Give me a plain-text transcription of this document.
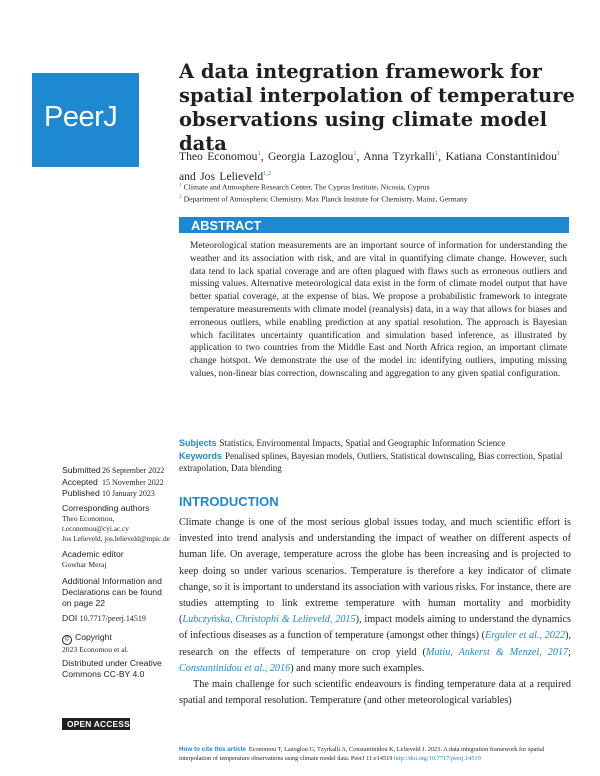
PeerJ
A data integration framework for spatial interpolation of temperature observations using climate model data
Theo Economou$^1$, Georgia Lazoglou$^1$, Anna Tzyrkalli$^1$, Katiana Constantinidou$^1$
and Jos Lelieveld$^{1,2}$
$^1$ Climate and Atmosphere Research Center, The Cyprus Institute, Nicosia, Cyprus
$^2$ Department of Atmospheric Chemistry, Max Planck Institute for Chemistry, Mainz, Germany
ABSTRACT
Meteorological station measurements are an important source of information for understanding the weather and its association with risk, and are vital in quantifying climate change. However, such data tend to lack spatial coverage and are often plagued with flaws such as erroneous outliers and missing values. Alternative meteorological data exist in the form of climate model output that have better spatial coverage, at the expense of bias. We propose a probabilistic framework to integrate temperature measurements with climate model (reanalysis) data, in a way that allows for biases and erroneous outliers, while enabling prediction at any spatial resolution. The approach is Bayesian which facilitates uncertainty quantification and simulation based inference, as illustrated by application to two countries from the Middle East and North Africa region, an important climate change hotspot. We demonstrate the use of the model in: identifying outliers, imputing missing values, non-linear bias correction, downscaling and aggregation to any given spatial configuration.
Subjects Statistics, Environmental Impacts, Spatial and Geographic Information Science
Keywords Penalised splines, Bayesian models, Outliers, Statistical downscaling, Bias correction, Spatial extrapolation, Data blending
Submitted26 September 2022
Accepted 15 November 2022
Published 10 January 2023
Corresponding authors
Theo Economou,
t.economou@cyi.ac.cy
Jos Lelieveld, jos.lelieveld@mpic.de
Academic editor
Gowhar Meraj
Additional Information and Declarations can be found on page 22
DOI 10.7717/peerj.14519
© Copyright
2023 Economou et al.
Distributed under Creative Commons CC-BY 4.0
OPEN ACCESS
INTRODUCTION

Climate change is one of the most serious global issues today, and much scientific effort is invested into trend analysis and understanding the impact of weather on different aspects of human life. On average, temperature across the globe has been increasing and is projected to keep doing so under various scenarios. Temperature is therefore a key indicator of climate change, so it is important to understand its association with various risks. For instance, there are studies attempting to link extreme temperature with human mortality and morbidity (Lubczyńska, Christophi & Lelieveld, 2015), impact models aiming to understand the dynamics of infectious diseases as a function of temperature (amongst other things) (Erguler et al., 2022), research on the effects of temperature on crop yield (Matiu, Ankerst & Menzel, 2017; Constantinidou et al., 2016) and many more such examples.

The main challenge for such scientific endeavours is finding temperature data at a required spatial and temporal resolution. Temperature (and other meteorological variables)

How to cite this article Economou T, Lazoglou G, Tzyrkalli A, Constantinidou K, Lelieveld J. 2023. A data integration framework for spatial interpolation of temperature observations using climate model data. PeerJ 11:e14519 http://doi.org/10.7717/peerj.14519
